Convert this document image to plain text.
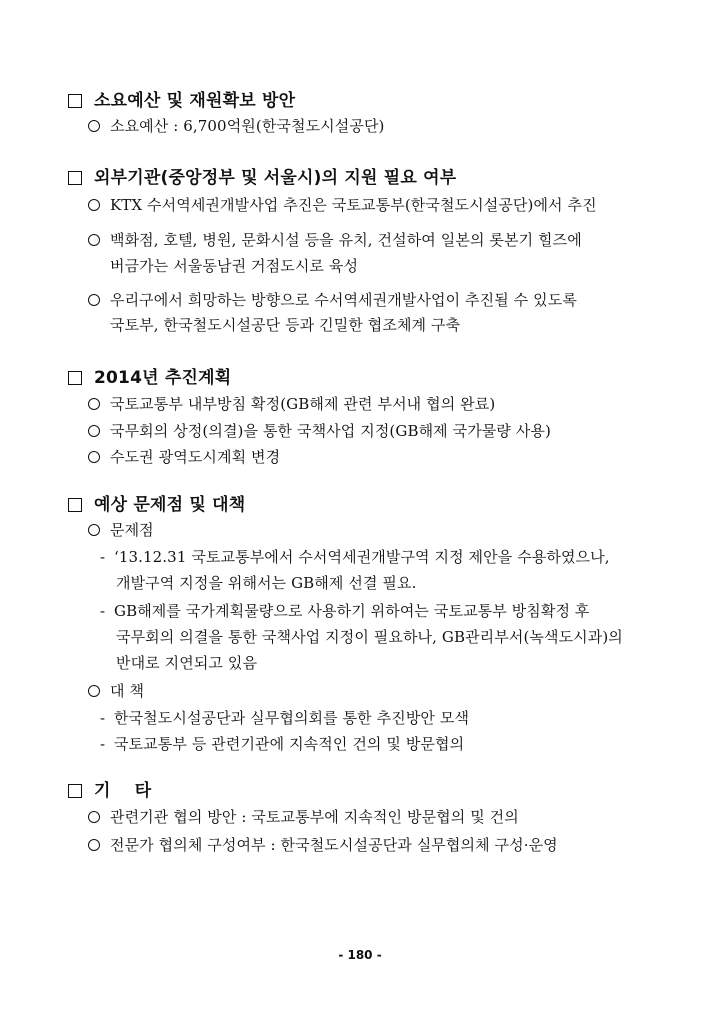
소요예산 및 재원확보 방안
소요예산 : 6,700억원(한국철도시설공단)
외부기관(중앙정부 및 서울시)의 지원 필요 여부
KTX 수서역세권개발사업 추진은 국토교통부(한국철도시설공단)에서 추진
백화점, 호텔, 병원, 문화시설 등을 유치, 건설하여 일본의 롯본기 힐즈에
버금가는 서울동남권 거점도시로 육성
우리구에서 희망하는 방향으로 수서역세권개발사업이 추진될 수 있도록
국토부, 한국철도시설공단 등과 긴밀한 협조체계 구축
2014년 추진계획
국토교통부 내부방침 확정(GB해제 관련 부서내 협의 완료)
국무회의 상정(의결)을 통한 국책사업 지정(GB해제 국가물량 사용)
수도권 광역도시계획 변경
예상 문제점 및 대책
문제점
- ‘13.12.31 국토교통부에서 수서역세권개발구역 지정 제안을 수용하였으나,
개발구역 지정을 위해서는 GB해제 선결 필요.
- GB해제를 국가계획물량으로 사용하기 위하여는 국토교통부 방침확정 후
국무회의 의결을 통한 국책사업 지정이 필요하나, GB관리부서(녹색도시과)의
반대로 지연되고 있음
대 책
- 한국철도시설공단과 실무협의회를 통한 추진방안 모색
- 국토교통부 등 관련기관에 지속적인 건의 및 방문협의
기 타
관련기관 협의 방안 : 국토교통부에 지속적인 방문협의 및 건의
전문가 협의체 구성여부 : 한국철도시설공단과 실무협의체 구성·운영
- 180 -
